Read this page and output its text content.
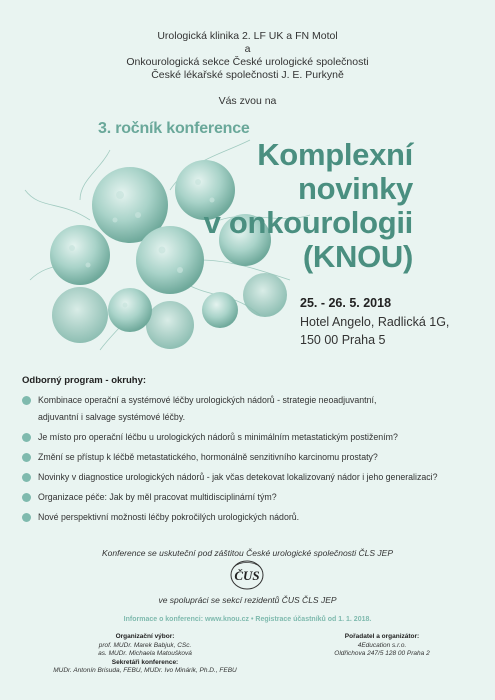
Urologická klinika 2. LF UK a FN Motol
a
Onkourologická sekce České urologické společnosti
České lékařské společnosti J. E. Purkyně
Vás zvou na
3. ročník konference
Komplexní
novinky
v onkourologii
(KNOU)
25. - 26. 5. 2018
Hotel Angelo, Radlická 1G,
150 00 Praha 5
Odborný program - okruhy:
Kombinace operační a systémové léčby urologických nádorů - strategie neoadjuvantní,
adjuvantní i salvage systémové léčby.
Je místo pro operační léčbu u urologických nádorů s minimálním metastatickým postižením?
Změní se přístup k léčbě metastatického, hormonálně senzitivního karcinomu prostaty?
Novinky v diagnostice urologických nádorů - jak včas detekovat lokalizovaný nádor i jeho generalizaci?
Organizace péče: Jak by měl pracovat multidisciplinární tým?
Nové perspektivní možnosti léčby pokročilých urologických nádorů.
Konference se uskuteční pod záštitou České urologické společnosti ČLS JEP
ČUS
ve spolupráci se sekcí rezidentů ČUS ČLS JEP
Informace o konferenci: www.knou.cz • Registrace účastníků od 1. 1. 2018.
Organizační výbor:
prof. MUDr. Marek Babjuk, CSc.
as. MUDr. Michaela Matoušková
Sekretáři konference:
MUDr. Antonín Brisuda, FEBU, MUDr. Ivo Minárik, Ph.D., FEBU
Pořadatel a organizátor:
4Education s.r.o.
Oldřichova 247/5 128 00 Praha 2
